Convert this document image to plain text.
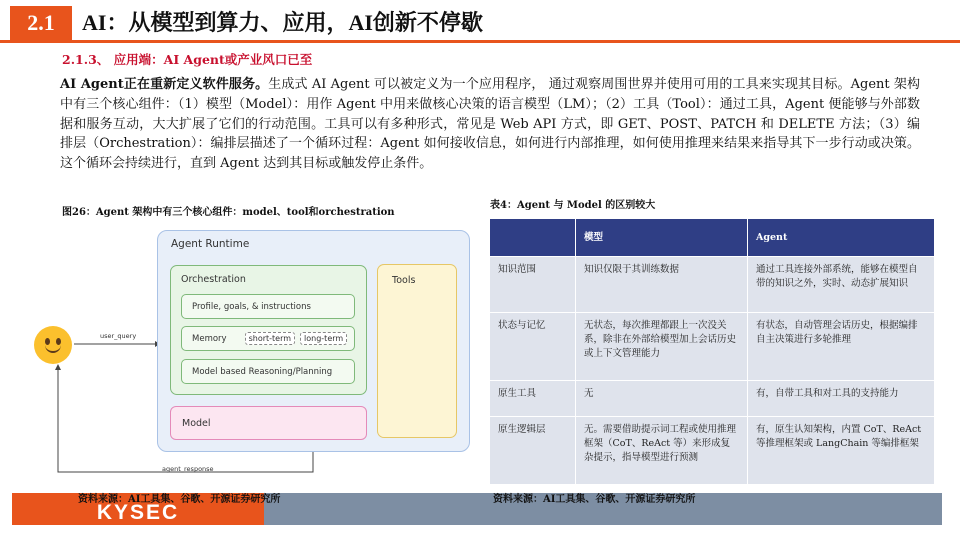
2.1	AI：从模型到算力、应用，AI创新不停歇
2.1.3、 应用端：AI Agent或产业风口已至

AI Agent正在重新定义软件服务。生成式 AI Agent 可以被定义为一个应用程序， 通过观察周围世界并使用可用的工具来实现其目标。Agent 架构中有三个核心组件：（1）模型（Model）：用作 Agent 中用来做核心决策的语言模型（LM）；（2）工具（Tool）：通过工具，Agent 便能够与外部数据和服务互动，大大扩展了它们的行动范围。工具可以有多种形式，常见是 Web API 方式，即 GET、POST、PATCH 和 DELETE 方法；（3）编排层（Orchestration）：编排层描述了一个循环过程：Agent 如何接收信息，如何进行内部推理，如何使用推理来结果来指导其下一步行动或决策。这个循环会持续进行，直到 Agent 达到其目标或触发停止条件。

图26：Agent 架构中有三个核心组件：model、tool和orchestration
表4：Agent 与 Model 的区别较大
user_query
agent_response
Agent Runtime
Orchestration
Profile, goals, & instructions
Memory	short-term	long-term
Model based Reasoning/Planning
Model
Tools
	模型	Agent
知识范围	知识仅限于其训练数据	通过工具连接外部系统，能够在模型自带的知识之外，实时、动态扩展知识
状态与记忆	无状态，每次推理都跟上一次没关系，除非在外部给模型加上会话历史或上下文管理能力	有状态，自动管理会话历史，根据编排自主决策进行多轮推理
原生工具	无	有，自带工具和对工具的支持能力
原生逻辑层	无。需要借助提示词工程或使用推理框架（CoT、ReAct 等）来形成复杂提示，指导模型进行预测	有，原生认知架构，内置 CoT、ReAct 等推理框架或 LangChain 等编排框架
KYSEC
资料来源：AI工具集、谷歌、开源证券研究所	资料来源：AI工具集、谷歌、开源证券研究所
